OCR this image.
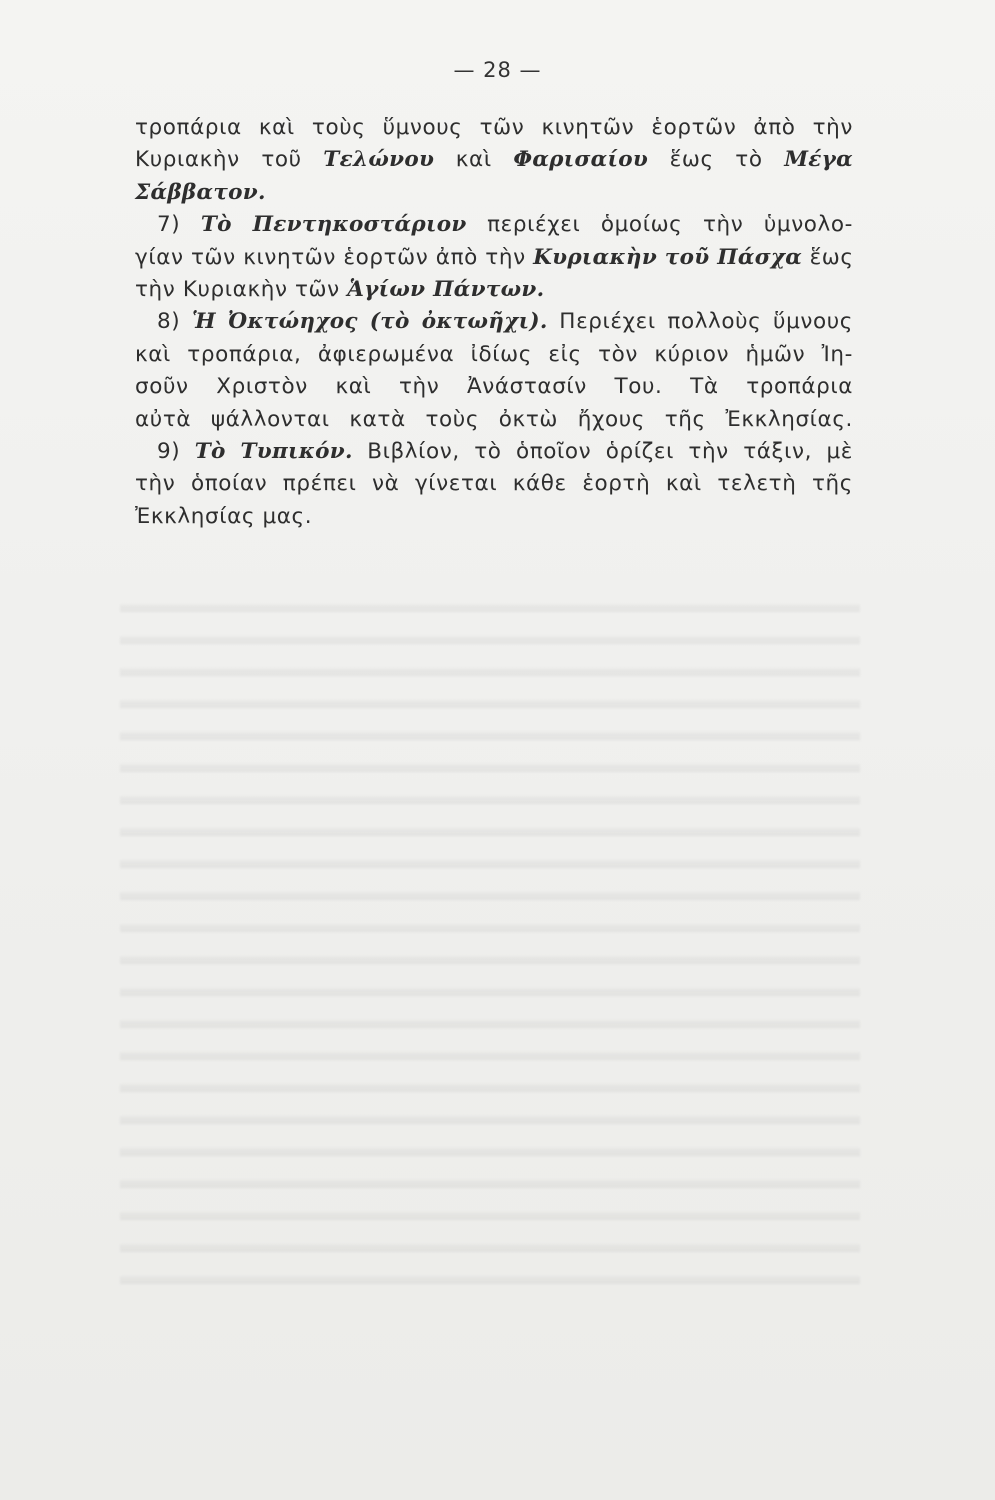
— 28 —
τροπάρια καὶ τοὺς ὕμνους τῶν κινητῶν ἑορτῶν ἀπὸ τὴν
Κυριακὴν τοῦ Τελώνου καὶ Φαρισαίου ἕως τὸ Μέγα
Σάββατον.
7) Τὸ Πεντηκοστάριον περιέχει ὁμοίως τὴν ὑμνολο-
γίαν τῶν κινητῶν ἑορτῶν ἀπὸ τὴν Κυριακὴν τοῦ Πάσχα ἕως
τὴν Κυριακὴν τῶν Ἁγίων Πάντων.
8) Ἡ Ὀκτώηχος (τὸ ὀκτωῆχι). Περιέχει πολλοὺς ὕμνους
καὶ τροπάρια, ἀφιερωμένα ἰδίως εἰς τὸν κύριον ἡμῶν Ἰη-
σοῦν Χριστὸν καὶ τὴν Ἀνάστασίν Του. Τὰ τροπάρια
αὐτὰ ψάλλονται κατὰ τοὺς ὀκτὼ ἤχους τῆς Ἐκκλησίας.
9) Τὸ Τυπικόν. Βιβλίον, τὸ ὁποῖον ὁρίζει τὴν τάξιν, μὲ
τὴν ὁποίαν πρέπει νὰ γίνεται κάθε ἑορτὴ καὶ τελετὴ τῆς
Ἐκκλησίας μας.
